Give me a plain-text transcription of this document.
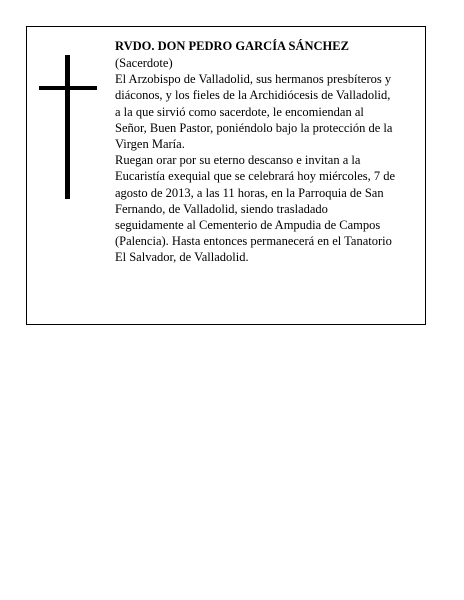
RVDO. DON PEDRO GARCÍA SÁNCHEZ
(Sacerdote)
El Arzobispo de Valladolid, sus hermanos presbíteros y
diáconos, y los fieles de la Archidiócesis de Valladolid,
a la que sirvió como sacerdote, le encomiendan al
Señor, Buen Pastor, poniéndolo bajo la protección de la
Virgen María.
Ruegan orar por su eterno descanso e invitan a la
Eucaristía exequial que se celebrará hoy miércoles, 7 de
agosto de 2013, a las 11 horas, en la Parroquia de San
Fernando, de Valladolid, siendo trasladado
seguidamente al Cementerio de Ampudia de Campos
(Palencia). Hasta entonces permanecerá en el Tanatorio
El Salvador, de Valladolid.
